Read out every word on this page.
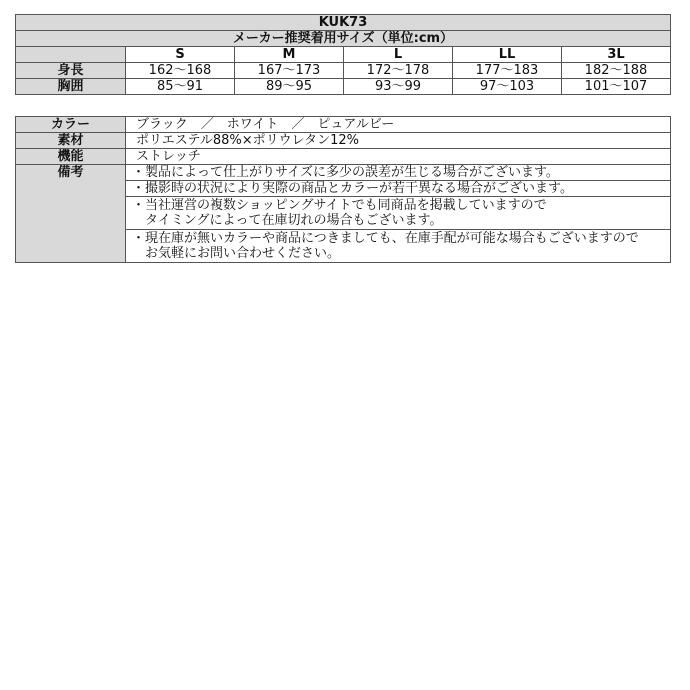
KUK73					
メーカー推奨着用サイズ（単位:cm）					
	S	M	L	LL	3L
身長	162〜168	167〜173	172〜178	177〜183	182〜188
胸囲	85〜91	89〜95	93〜99	97〜103	101〜107
カラー	ブラック　／　ホワイト　／　ピュアルビー
素材	ポリエステル88%×ポリウレタン12%
機能	ストレッチ
備考	・製品によって仕上がりサイズに多少の誤差が生じる場合がございます。
	・撮影時の状況により実際の商品とカラーが若干異なる場合がございます。

	・当社運営の複数ショッピングサイトでも同商品を掲載していますので
　タイミングによって在庫切れの場合もございます。

	・現在庫が無いカラーや商品につきましても、在庫手配が可能な場合もございますので
　お気軽にお問い合わせください。
